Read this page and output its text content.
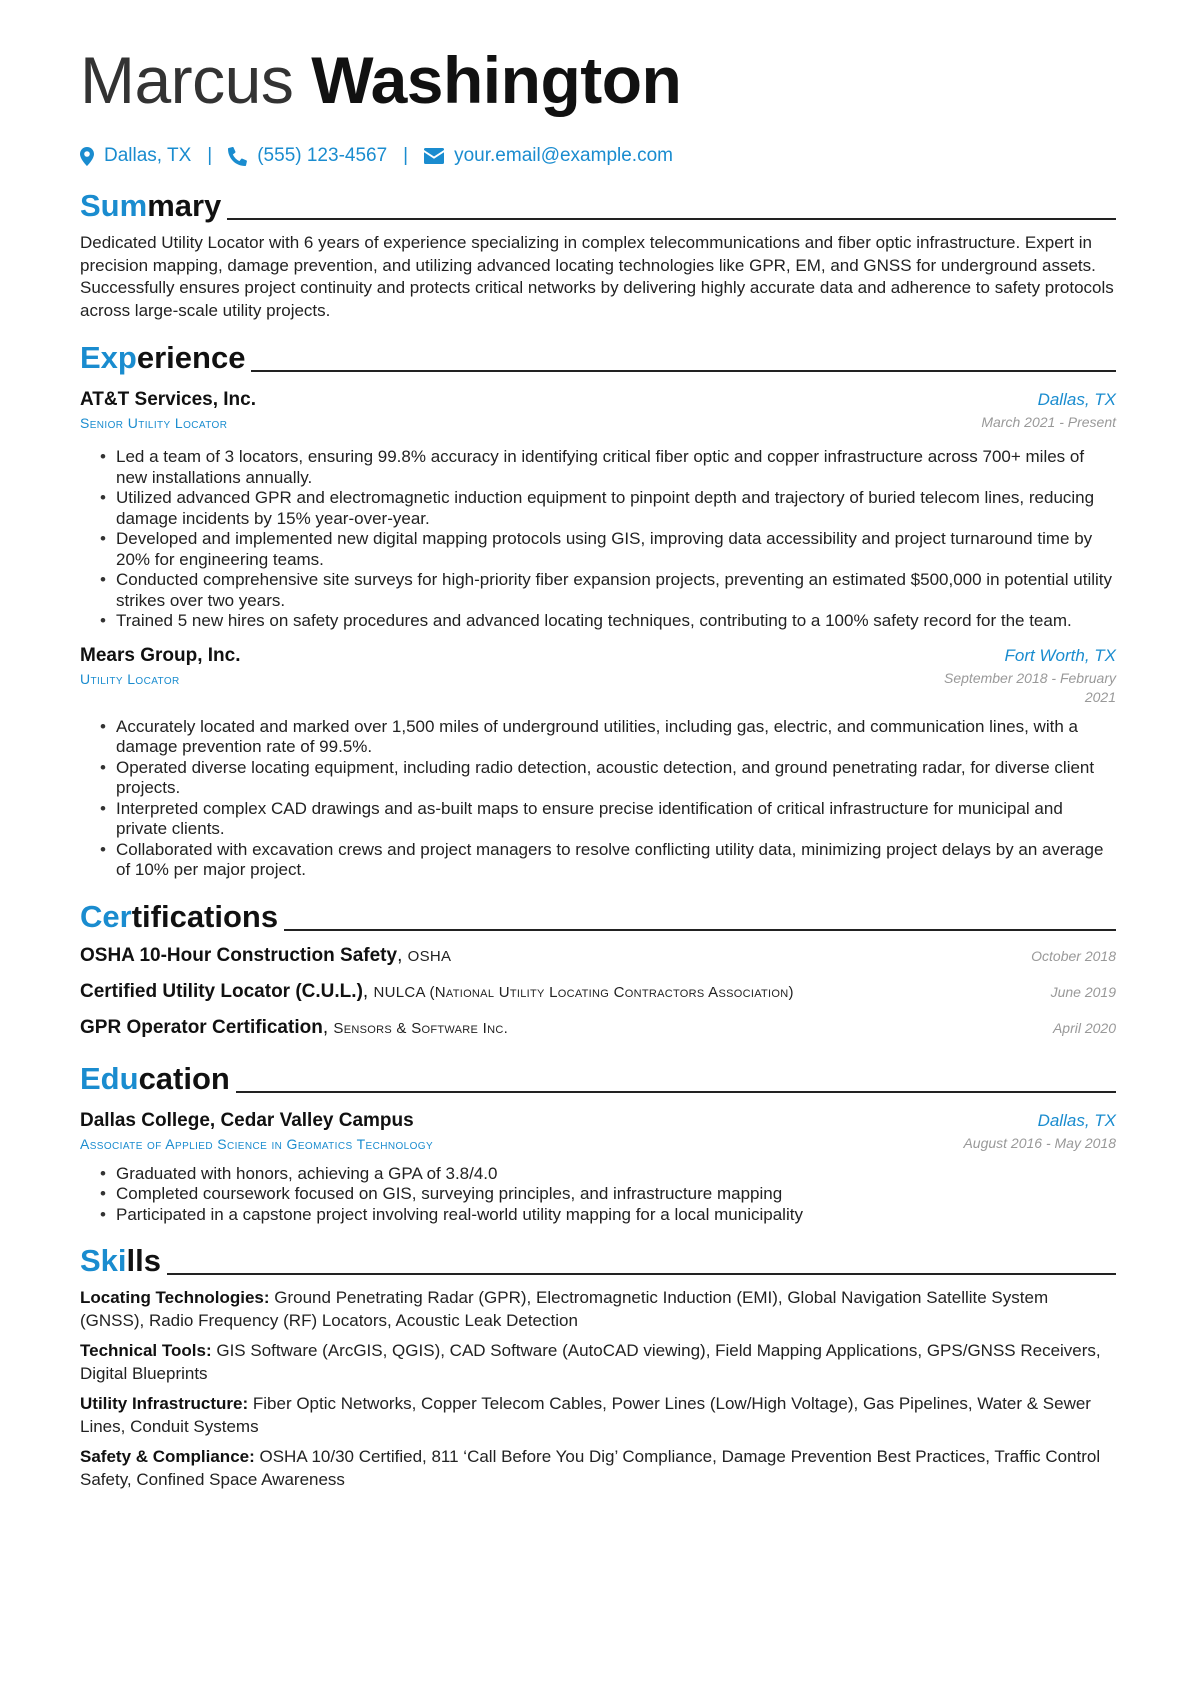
Marcus Washington
Dallas, TX | (555) 123-4567 | your.email@example.com
Summary

Dedicated Utility Locator with 6 years of experience specializing in complex telecommunications and fiber optic infrastructure. Expert in precision mapping, damage prevention, and utilizing advanced locating technologies like GPR, EM, and GNSS for underground assets. Successfully ensures project continuity and protects critical networks by delivering highly accurate data and adherence to safety protocols across large-scale utility projects.

Experience
AT&T Services, Inc.
Senior Utility Locator
Dallas, TX
March 2021 - Present
• Led a team of 3 locators, ensuring 99.8% accuracy in identifying critical fiber optic and copper infrastructure across 700+ miles of new installations annually.
• Utilized advanced GPR and electromagnetic induction equipment to pinpoint depth and trajectory of buried telecom lines, reducing damage incidents by 15% year-over-year.
• Developed and implemented new digital mapping protocols using GIS, improving data accessibility and project turnaround time by 20% for engineering teams.
• Conducted comprehensive site surveys for high-priority fiber expansion projects, preventing an estimated $500,000 in potential utility strikes over two years.
• Trained 5 new hires on safety procedures and advanced locating techniques, contributing to a 100% safety record for the team.
Mears Group, Inc.
Utility Locator
Fort Worth, TX
September 2018 - February 2021
• Accurately located and marked over 1,500 miles of underground utilities, including gas, electric, and communication lines, with a damage prevention rate of 99.5%.
• Operated diverse locating equipment, including radio detection, acoustic detection, and ground penetrating radar, for diverse client projects.
• Interpreted complex CAD drawings and as-built maps to ensure precise identification of critical infrastructure for municipal and private clients.
• Collaborated with excavation crews and project managers to resolve conflicting utility data, minimizing project delays by an average of 10% per major project.
Certifications
OSHA 10-Hour Construction Safety, OSHA	October 2018
Certified Utility Locator (C.U.L.), NULCA (National Utility Locating Contractors Association)	June 2019
GPR Operator Certification, Sensors & Software Inc.	April 2020
Education
Dallas College, Cedar Valley Campus
Associate of Applied Science in Geomatics Technology
Dallas, TX
August 2016 - May 2018
• Graduated with honors, achieving a GPA of 3.8/4.0
• Completed coursework focused on GIS, surveying principles, and infrastructure mapping
• Participated in a capstone project involving real-world utility mapping for a local municipality
Skills
Locating Technologies: Ground Penetrating Radar (GPR), Electromagnetic Induction (EMI), Global Navigation Satellite System (GNSS), Radio Frequency (RF) Locators, Acoustic Leak Detection
Technical Tools: GIS Software (ArcGIS, QGIS), CAD Software (AutoCAD viewing), Field Mapping Applications, GPS/GNSS Receivers, Digital Blueprints
Utility Infrastructure: Fiber Optic Networks, Copper Telecom Cables, Power Lines (Low/High Voltage), Gas Pipelines, Water & Sewer Lines, Conduit Systems
Safety & Compliance: OSHA 10/30 Certified, 811 ‘Call Before You Dig’ Compliance, Damage Prevention Best Practices, Traffic Control Safety, Confined Space Awareness
